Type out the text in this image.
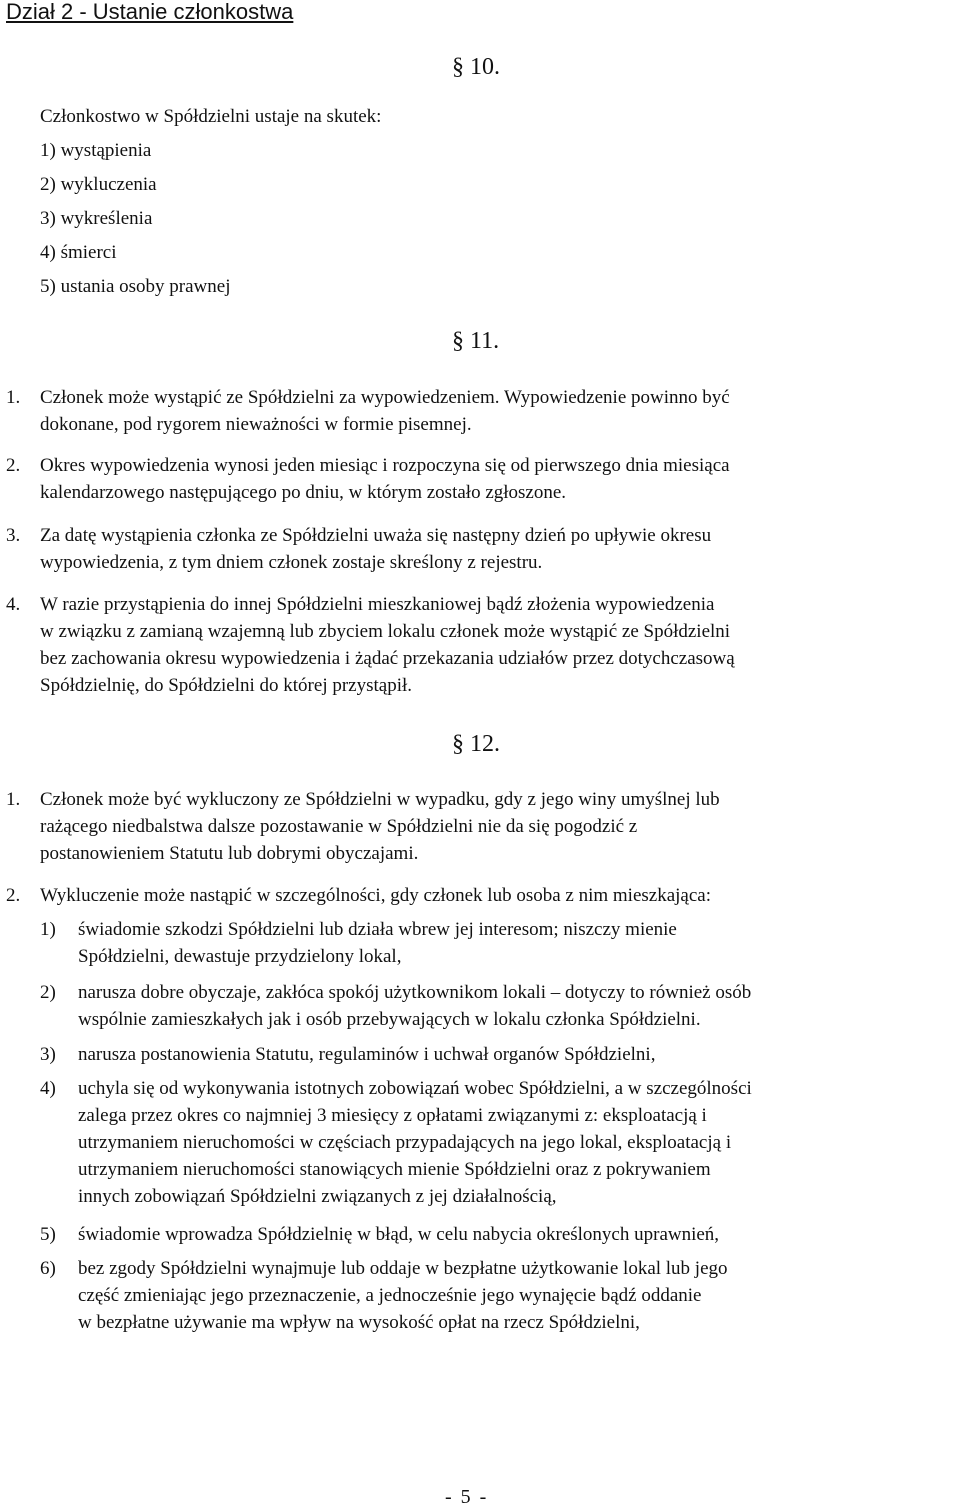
Dział 2 - Ustanie członkostwa
§ 10.
Członkostwo w Spółdzielni ustaje na skutek:
1) wystąpienia
2) wykluczenia
3) wykreślenia
4) śmierci
5) ustania osoby prawnej
§ 11.
1.	Członek może wystąpić ze Spółdzielni za wypowiedzeniem. Wypowiedzenie powinno być
dokonane, pod rygorem nieważności w formie pisemnej.
2.	Okres wypowiedzenia wynosi jeden miesiąc i rozpoczyna się od pierwszego dnia miesiąca
kalendarzowego następującego po dniu, w którym zostało zgłoszone.
3.	Za datę wystąpienia członka ze Spółdzielni uważa się następny dzień po upływie okresu
wypowiedzenia, z tym dniem członek zostaje skreślony z rejestru.
4.	W razie przystąpienia do innej Spółdzielni mieszkaniowej bądź złożenia wypowiedzenia
w związku z zamianą wzajemną lub zbyciem lokalu członek może wystąpić ze Spółdzielni
bez zachowania okresu wypowiedzenia i żądać przekazania udziałów przez dotychczasową
Spółdzielnię, do Spółdzielni do której przystąpił.
§ 12.
1.	Członek może być wykluczony ze Spółdzielni w wypadku, gdy z jego winy umyślnej lub
rażącego niedbalstwa dalsze pozostawanie w Spółdzielni nie da się pogodzić z
postanowieniem Statutu lub dobrymi obyczajami.
2.	Wykluczenie może nastąpić w szczególności, gdy członek lub osoba z nim mieszkająca:
1)	świadomie szkodzi Spółdzielni lub działa wbrew jej interesom; niszczy mienie
Spółdzielni, dewastuje przydzielony lokal,
2)	narusza dobre obyczaje, zakłóca spokój użytkownikom lokali – dotyczy to również osób
wspólnie zamieszkałych jak i osób przebywających w lokalu członka Spółdzielni.
3)	narusza postanowienia Statutu, regulaminów i uchwał organów Spółdzielni,
4)	uchyla się od wykonywania istotnych zobowiązań wobec Spółdzielni, a w szczególności
zalega przez okres co najmniej 3 miesięcy z opłatami związanymi z: eksploatacją i
utrzymaniem nieruchomości w częściach przypadających na jego lokal, eksploatacją i
utrzymaniem nieruchomości stanowiących mienie Spółdzielni oraz z pokrywaniem
innych zobowiązań Spółdzielni związanych z jej działalnością,
5)	świadomie wprowadza Spółdzielnię w błąd, w celu nabycia określonych uprawnień,
6)	bez zgody Spółdzielni wynajmuje lub oddaje w bezpłatne użytkowanie lokal lub jego
część zmieniając jego przeznaczenie, a jednocześnie jego wynajęcie bądź oddanie
w bezpłatne używanie ma wpływ na wysokość opłat na rzecz Spółdzielni,
- 5 -
